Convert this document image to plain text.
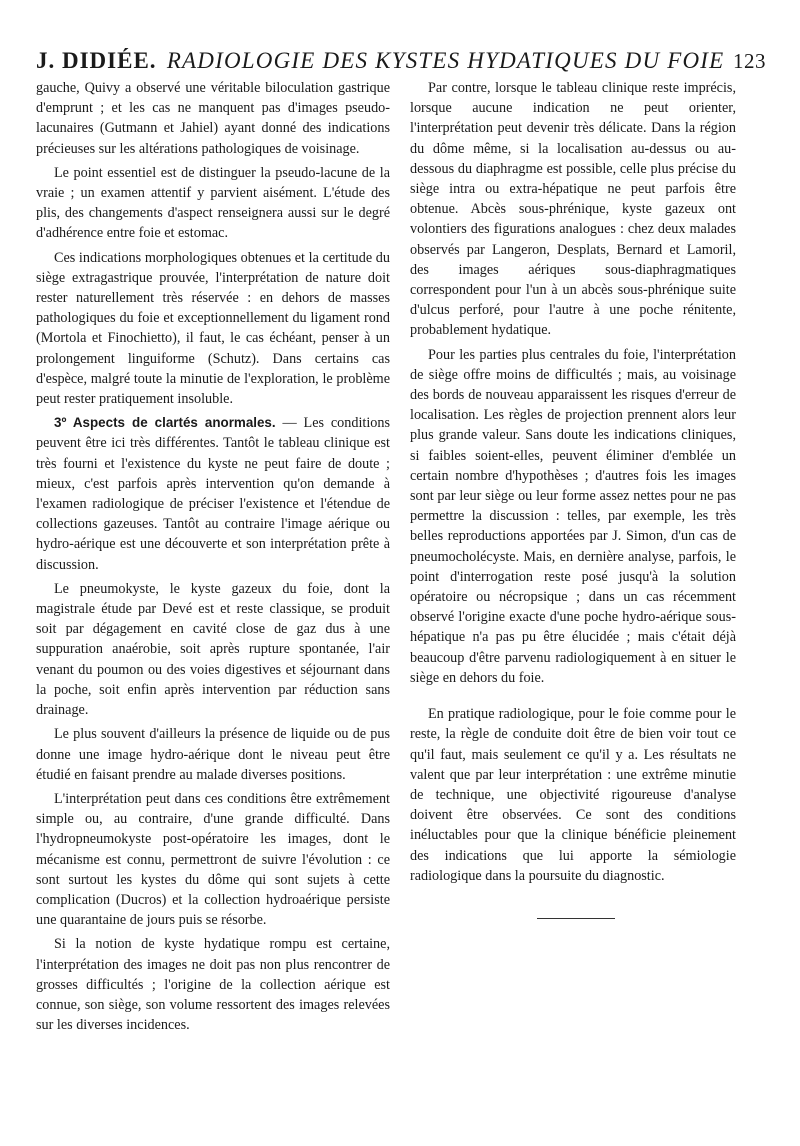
J. DIDIÉE. RADIOLOGIE DES KYSTES HYDATIQUES DU FOIE 123

gauche, Quivy a observé une véritable biloculation gastrique d'emprunt ; et les cas ne manquent pas d'images pseudo-lacunaires (Gutmann et Jahiel) ayant donné des indications précieuses sur les altérations pathologiques de voisinage.

Le point essentiel est de distinguer la pseudo-lacune de la vraie ; un examen attentif y parvient aisément. L'étude des plis, des changements d'aspect renseignera aussi sur le degré d'adhérence entre foie et estomac.

Ces indications morphologiques obtenues et la certitude du siège extragastrique prouvée, l'interprétation de nature doit rester naturellement très réservée : en dehors de masses pathologiques du foie et exceptionnellement du ligament rond (Mortola et Finochietto), il faut, le cas échéant, penser à un prolongement linguiforme (Schutz). Dans certains cas d'espèce, malgré toute la minutie de l'exploration, le problème peut rester pratiquement insoluble.

3º Aspects de clartés anormales. — Les conditions peuvent être ici très différentes. Tantôt le tableau clinique est très fourni et l'existence du kyste ne peut faire de doute ; mieux, c'est parfois après intervention qu'on demande à l'examen radiologique de préciser l'existence et l'étendue de collections gazeuses. Tantôt au contraire l'image aérique ou hydro-aérique est une découverte et son interprétation prête à discussion.

Le pneumokyste, le kyste gazeux du foie, dont la magistrale étude par Devé est et reste classique, se produit soit par dégagement en cavité close de gaz dus à une suppuration anaérobie, soit après rupture spontanée, l'air venant du poumon ou des voies digestives et séjournant dans la poche, soit enfin après intervention par réduction sans drainage.

Le plus souvent d'ailleurs la présence de liquide ou de pus donne une image hydro-aérique dont le niveau peut être étudié en faisant prendre au malade diverses positions.

L'interprétation peut dans ces conditions être extrêmement simple ou, au contraire, d'une grande difficulté. Dans l'hydropneumokyste post-opératoire les images, dont le mécanisme est connu, permettront de suivre l'évolution : ce sont surtout les kystes du dôme qui sont sujets à cette complication (Ducros) et la collection hydroaérique persiste une quarantaine de jours puis se résorbe.

Si la notion de kyste hydatique rompu est certaine, l'interprétation des images ne doit pas non plus rencontrer de grosses difficultés ; l'origine de la collection aérique est connue, son siège, son volume ressortent des images relevées sur les diverses incidences.

Par contre, lorsque le tableau clinique reste imprécis, lorsque aucune indication ne peut orienter, l'interprétation peut devenir très délicate. Dans la région du dôme même, si la localisation au-dessus ou au-dessous du diaphragme est possible, celle plus précise du siège intra ou extra-hépatique ne peut parfois être obtenue. Abcès sous-phrénique, kyste gazeux ont volontiers des figurations analogues : chez deux malades observés par Langeron, Desplats, Bernard et Lamoril, des images aériques sous-diaphragmatiques correspondent pour l'un à un abcès sous-phrénique suite d'ulcus perforé, pour l'autre à une poche rénitente, probablement hydatique.

Pour les parties plus centrales du foie, l'interprétation de siège offre moins de difficultés ; mais, au voisinage des bords de nouveau apparaissent les risques d'erreur de localisation. Les règles de projection prennent alors leur plus grande valeur. Sans doute les indications cliniques, si faibles soient-elles, peuvent éliminer d'emblée un certain nombre d'hypothèses ; d'autres fois les images sont par leur siège ou leur forme assez nettes pour ne pas permettre la discussion : telles, par exemple, les très belles reproductions apportées par J. Simon, d'un cas de pneumocholécyste. Mais, en dernière analyse, parfois, le point d'interrogation reste posé jusqu'à la solution opératoire ou nécropsique ; dans un cas récemment observé l'origine exacte d'une poche hydro-aérique sous-hépatique n'a pas pu être élucidée ; mais c'était déjà beaucoup d'être parvenu radiologiquement à en situer le siège en dehors du foie.

En pratique radiologique, pour le foie comme pour le reste, la règle de conduite doit être de bien voir tout ce qu'il faut, mais seulement ce qu'il y a. Les résultats ne valent que par leur interprétation : une extrême minutie de technique, une objectivité rigoureuse d'analyse doivent être observées. Ce sont des conditions inéluctables pour que la clinique bénéficie pleinement des indications que lui apporte la sémiologie radiologique dans la poursuite du diagnostic.
